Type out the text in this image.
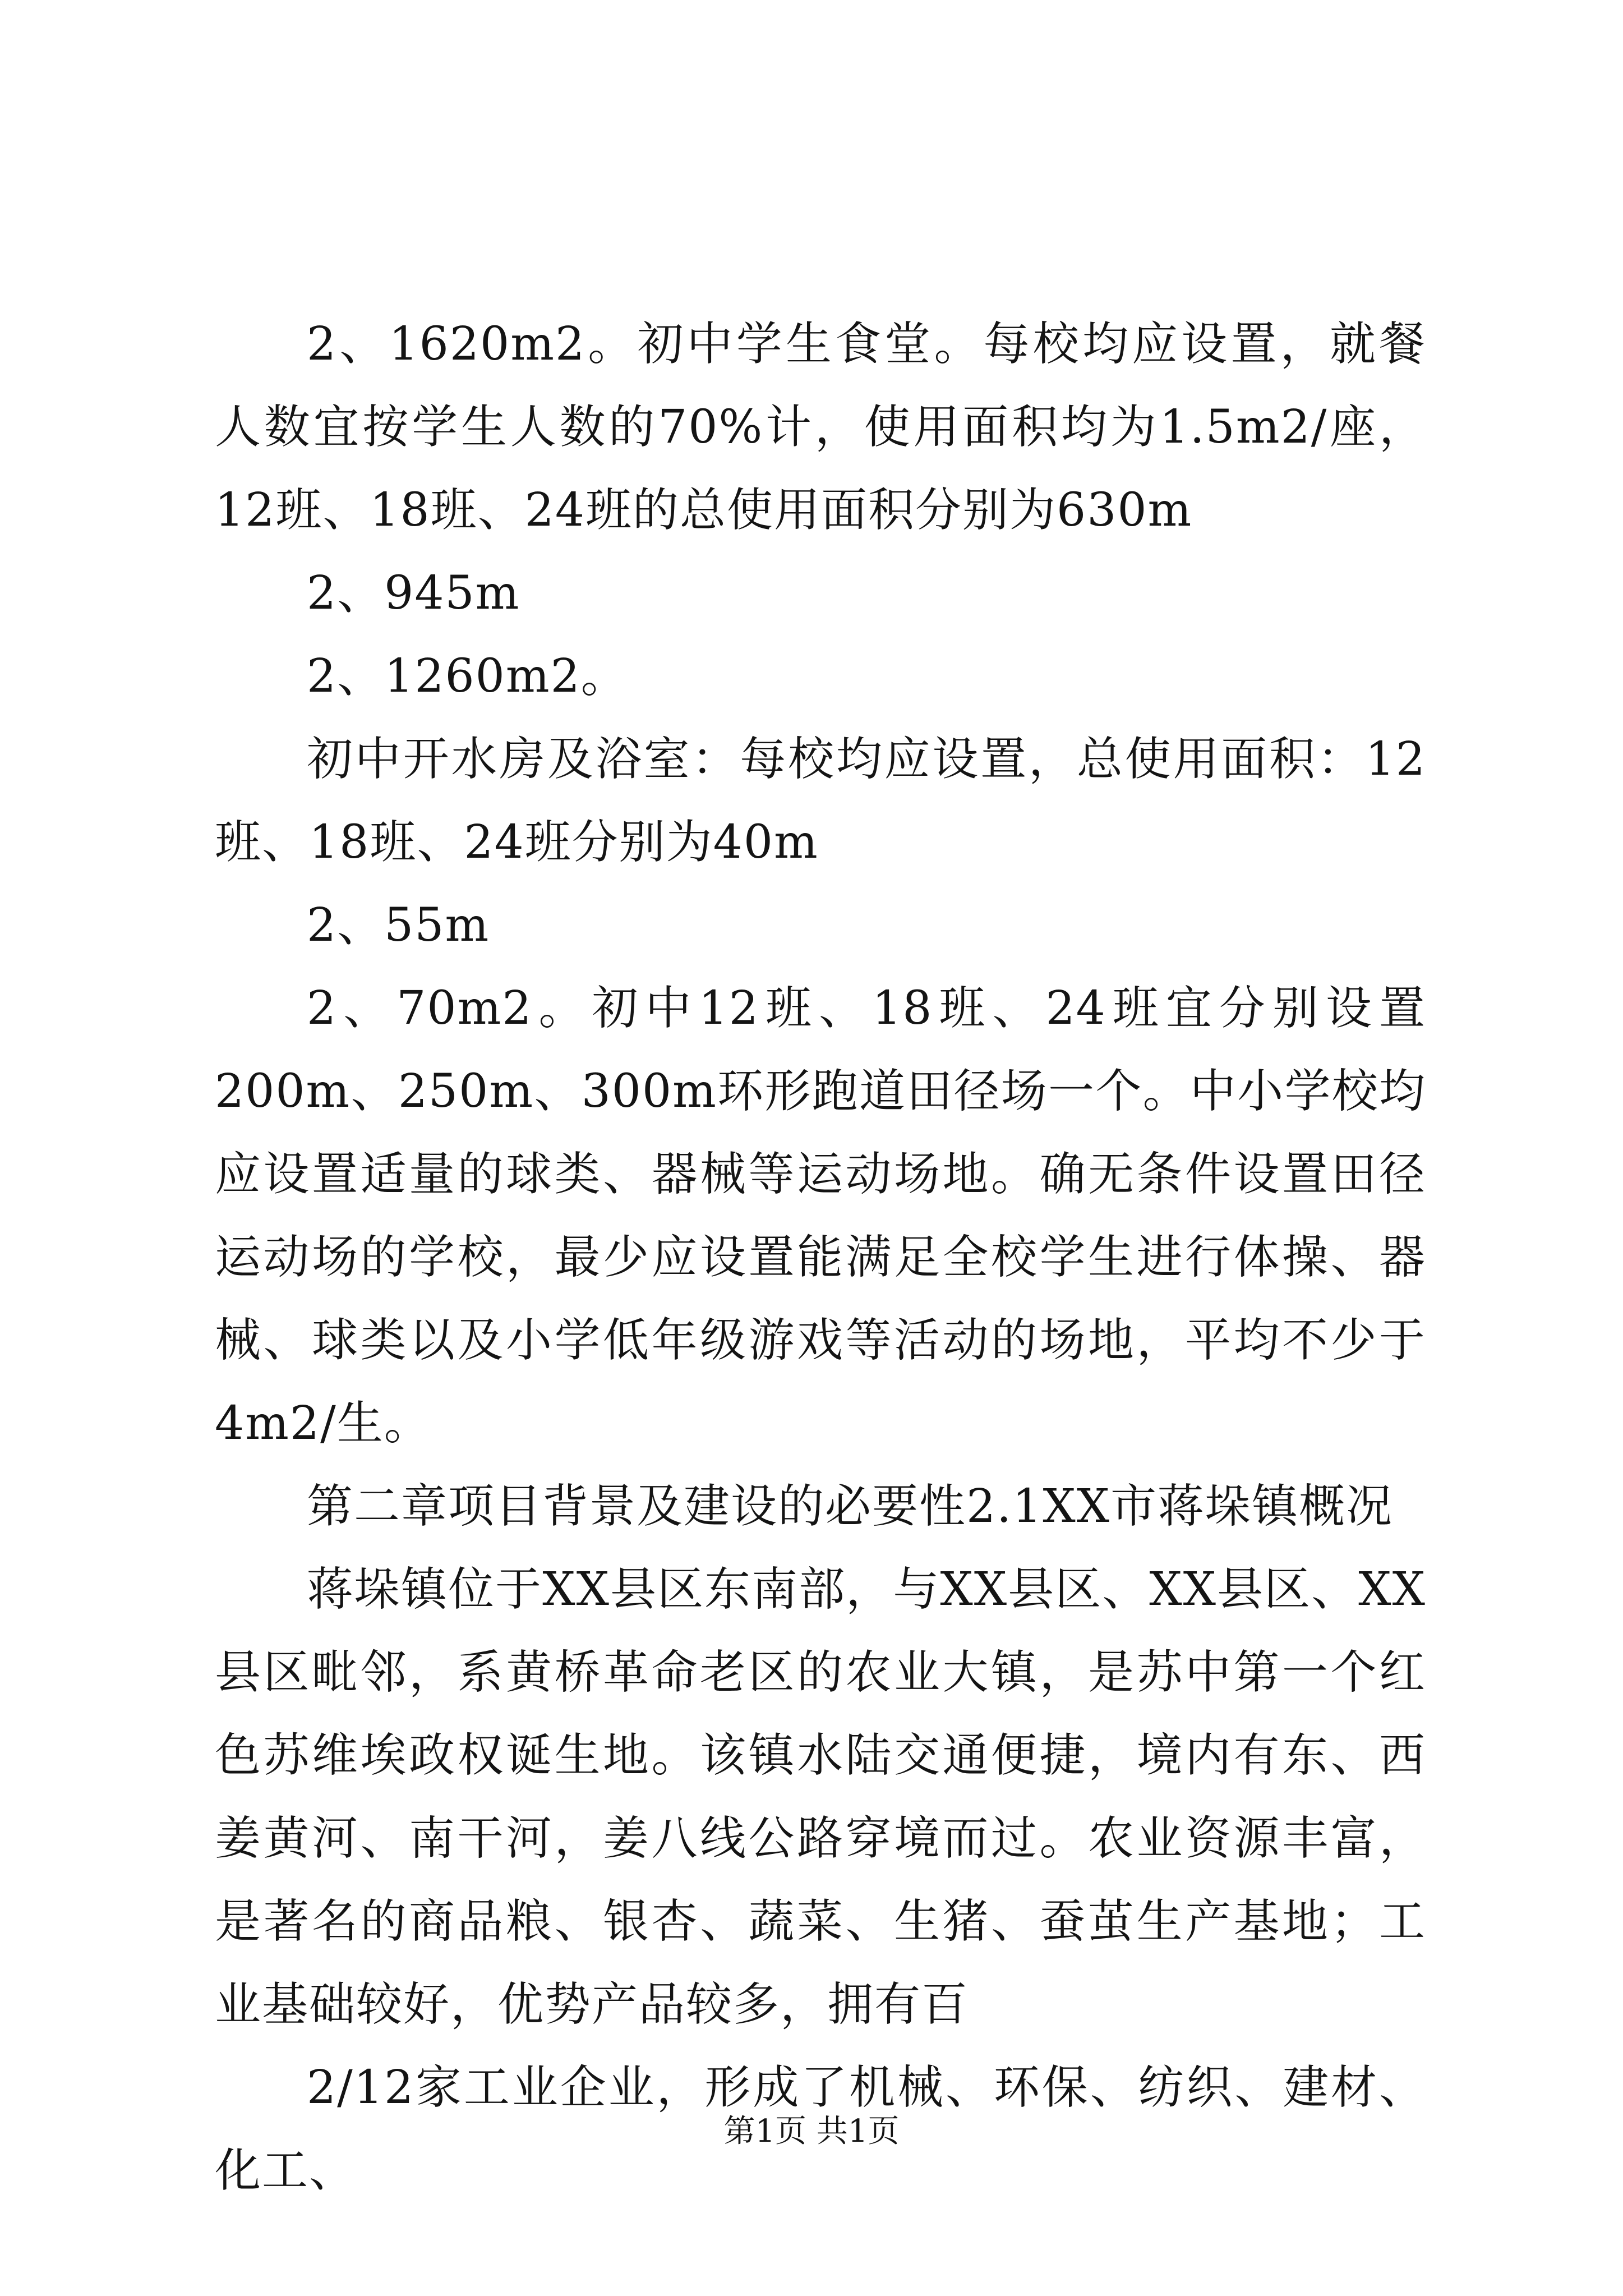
2、1620m2。初中学生食堂。每校均应设置，就餐人数宜按学生人数的70%计，使用面积均为1.5m2/座，12班、18班、24班的总使用面积分别为630m

2、945m

2、1260m2。

初中开水房及浴室：每校均应设置，总使用面积：12班、18班、24班分别为40m

2、55m

2、70m2。初中12班、18班、24班宜分别设置200m、250m、300m环形跑道田径场一个。中小学校均应设置适量的球类、器械等运动场地。确无条件设置田径运动场的学校，最少应设置能满足全校学生进行体操、器械、球类以及小学低年级游戏等活动的场地，平均不少于4m2/生。

第二章项目背景及建设的必要性2.1XX市蒋垛镇概况

蒋垛镇位于XX县区东南部，与XX县区、XX县区、XX县区毗邻，系黄桥革命老区的农业大镇，是苏中第一个红色苏维埃政权诞生地。该镇水陆交通便捷，境内有东、西姜黄河、南干河，姜八线公路穿境而过。农业资源丰富，是著名的商品粮、银杏、蔬菜、生猪、蚕茧生产基地；工业基础较好，优势产品较多，拥有百

2/12家工业企业，形成了机械、环保、纺织、建材、化工、

第1页 共1页
